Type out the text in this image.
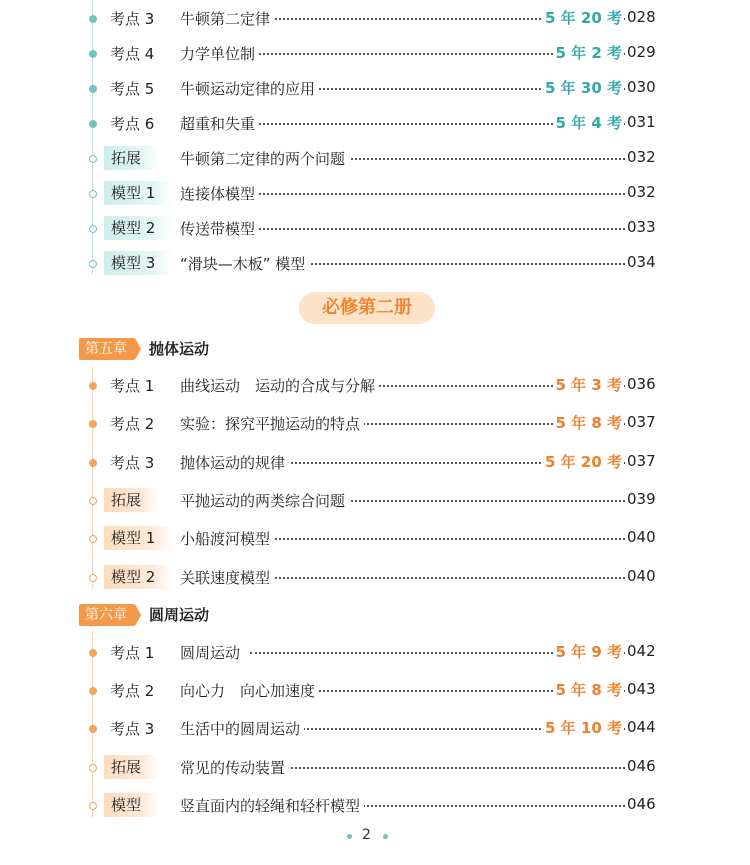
考点 3 牛顿第二定律	5 年 20 考 028
考点 4 力学单位制	5 年 2 考 029
考点 5 牛顿运动定律的应用	5 年 30 考 030
考点 6 超重和失重	5 年 4 考 031
拓展	牛顿第二定律的两个问题	032
模型 1	连接体模型	032
模型 2	传送带模型	033
模型 3	“滑块—木板” 模型	034
必修第二册
第五章	抛体运动
考点 1 曲线运动　运动的合成与分解	5 年 3 考 036
考点 2 实验：探究平抛运动的特点	5 年 8 考 037
考点 3 抛体运动的规律	5 年 20 考 037
拓展	平抛运动的两类综合问题	039
模型 1	小船渡河模型	040
模型 2	关联速度模型	040
第六章	圆周运动
考点 1 圆周运动	5 年 9 考 042
考点 2 向心力　向心加速度	5 年 8 考 043
考点 3 生活中的圆周运动	5 年 10 考 044
拓展	常见的传动装置	046
模型	竖直面内的轻绳和轻杆模型	046
2
